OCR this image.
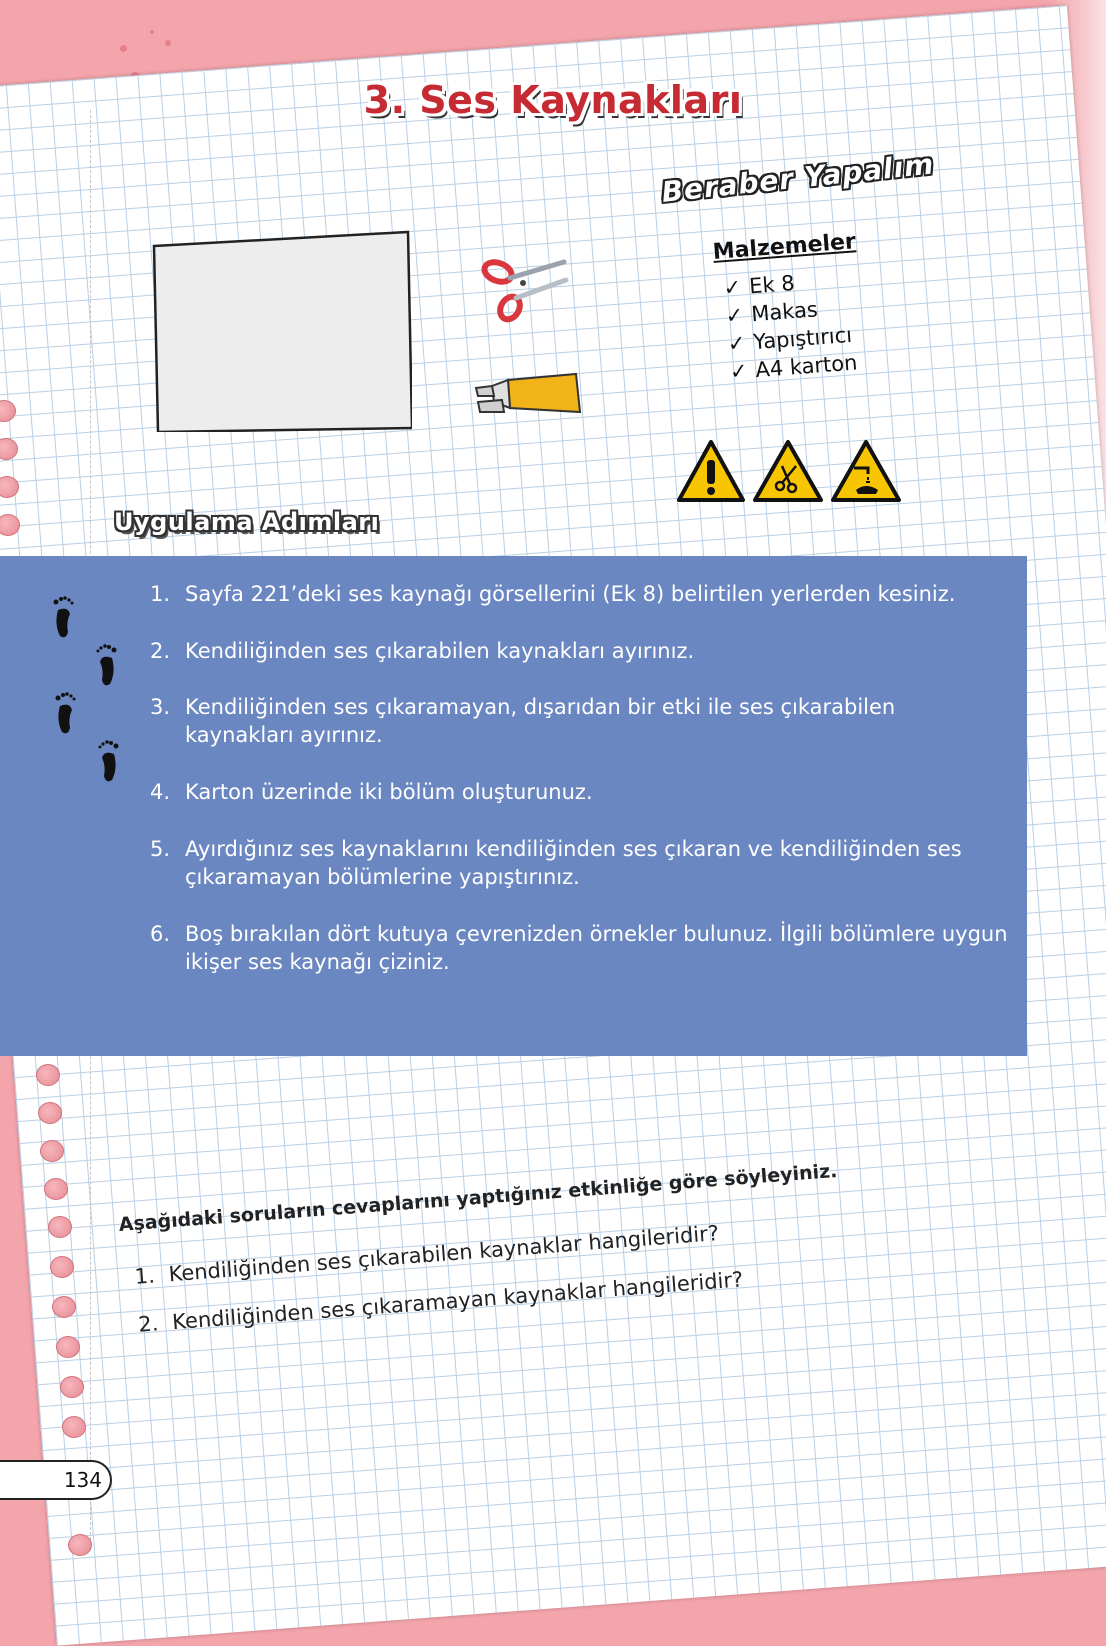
3. Ses Kaynakları
Beraber Yapalım
Malzemeler
✓ Ek 8
✓ Makas
✓ Yapıştırıcı
✓ A4 karton
Uygulama Adımları
1. Sayfa 221’deki ses kaynağı görsellerini (Ek 8) belirtilen yerlerden kesiniz.
2. Kendiliğinden ses çıkarabilen kaynakları ayırınız.
3. Kendiliğinden ses çıkaramayan, dışarıdan bir etki ile ses çıkarabilen kaynakları ayırınız.
4. Karton üzerinde iki bölüm oluşturunuz.
5. Ayırdığınız ses kaynaklarını kendiliğinden ses çıkaran ve kendiliğinden ses çıkaramayan bölümlerine yapıştırınız.
6. Boş bırakılan dört kutuya çevrenizden örnekler bulunuz. İlgili bölümlere uygun ikişer ses kaynağı çiziniz.
Aşağıdaki soruların cevaplarını yaptığınız etkinliğe göre söyleyiniz.
1. Kendiliğinden ses çıkarabilen kaynaklar hangileridir?
2. Kendiliğinden ses çıkaramayan kaynaklar hangileridir?
134
